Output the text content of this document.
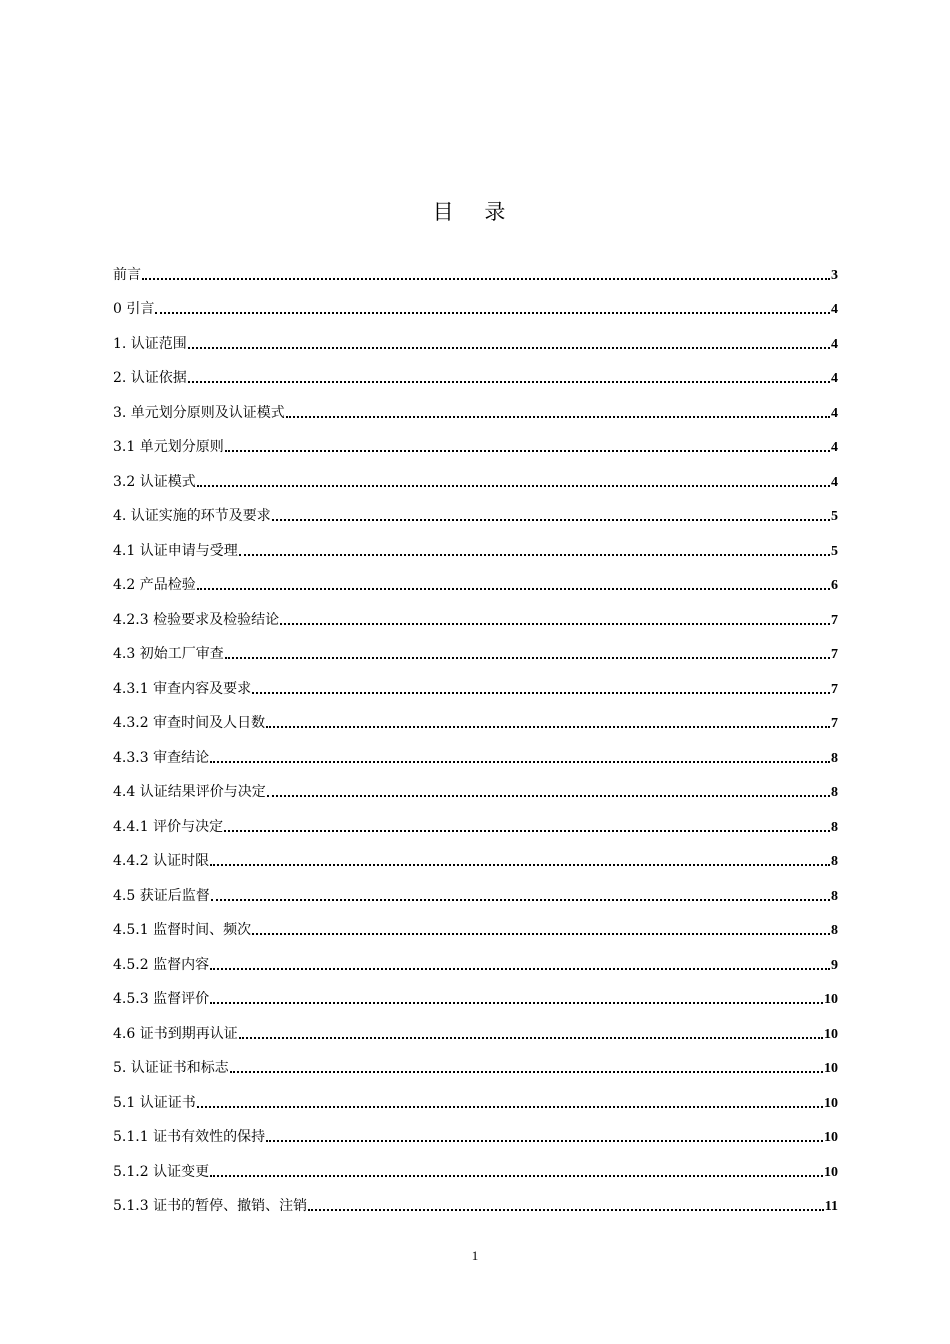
目 录
前言	3
0 引言	4
1. 认证范围	4
2. 认证依据	4
3. 单元划分原则及认证模式	4
3.1 单元划分原则	4
3.2 认证模式	4
4. 认证实施的环节及要求	5
4.1 认证申请与受理	5
4.2 产品检验	6
4.2.3 检验要求及检验结论	7
4.3 初始工厂审查	7
4.3.1 审查内容及要求	7
4.3.2 审查时间及人日数	7
4.3.3 审查结论	8
4.4 认证结果评价与决定	8
4.4.1 评价与决定	8
4.4.2 认证时限	8
4.5 获证后监督	8
4.5.1 监督时间、频次	8
4.5.2 监督内容	9
4.5.3 监督评价	10
4.6 证书到期再认证	10
5. 认证证书和标志	10
5.1 认证证书	10
5.1.1 证书有效性的保持	10
5.1.2 认证变更	10
5.1.3 证书的暂停、撤销、注销	11
1
